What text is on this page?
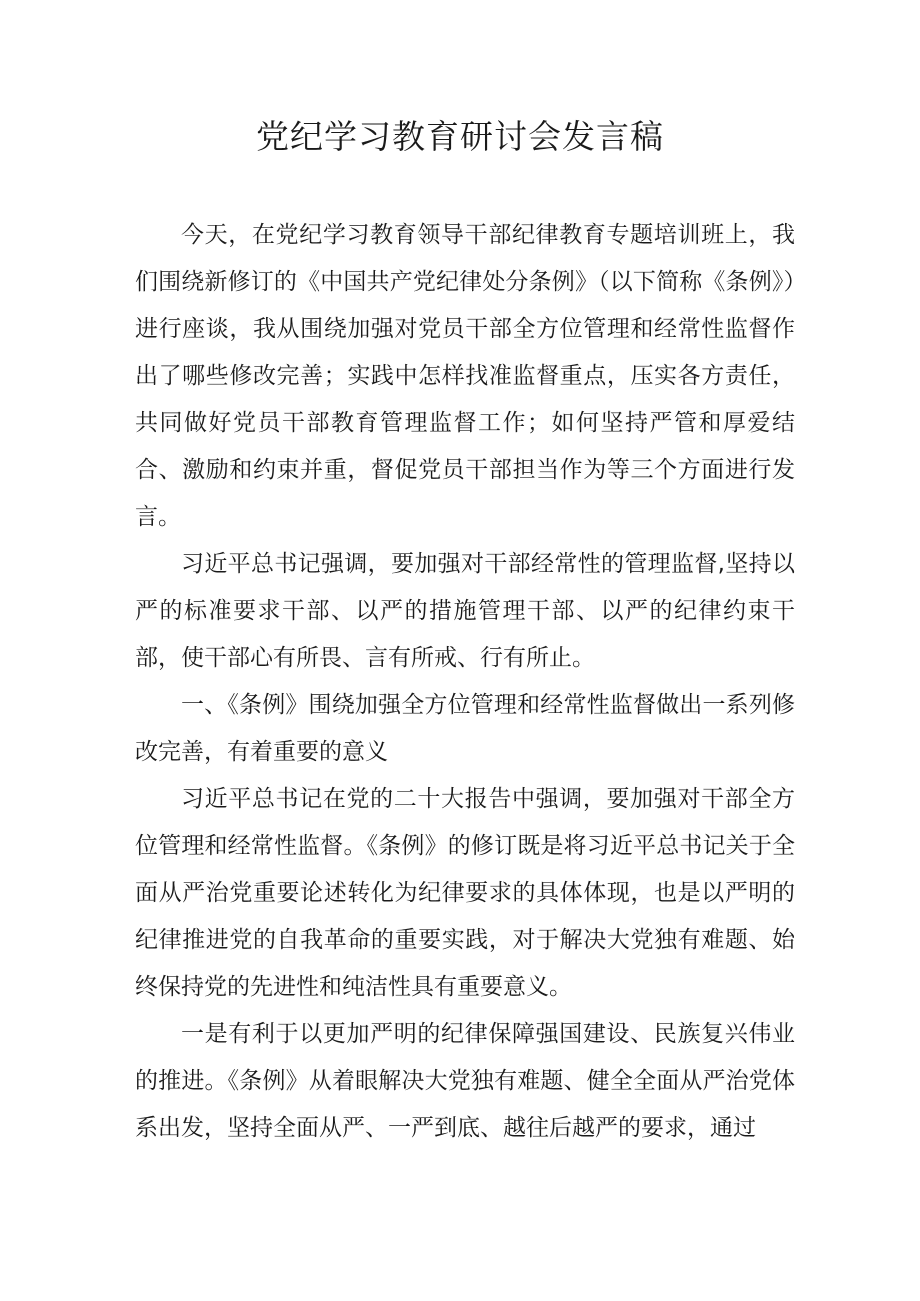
党纪学习教育研讨会发言稿

今天，在党纪学习教育领导干部纪律教育专题培训班上，我们围绕新修订的《中国共产党纪律处分条例》（以下简称《条例》）进行座谈，我从围绕加强对党员干部全方位管理和经常性监督作出了哪些修改完善；实践中怎样找准监督重点，压实各方责任，共同做好党员干部教育管理监督工作；如何坚持严管和厚爱结合、激励和约束并重，督促党员干部担当作为等三个方面进行发言。

习近平总书记强调，要加强对干部经常性的管理监督,坚持以严的标准要求干部、以严的措施管理干部、以严的纪律约束干部，使干部心有所畏、言有所戒、行有所止。

一、《条例》围绕加强全方位管理和经常性监督做出一系列修改完善，有着重要的意义

习近平总书记在党的二十大报告中强调，要加强对干部全方位管理和经常性监督。《条例》的修订既是将习近平总书记关于全面从严治党重要论述转化为纪律要求的具体体现，也是以严明的纪律推进党的自我革命的重要实践，对于解决大党独有难题、始终保持党的先进性和纯洁性具有重要意义。

一是有利于以更加严明的纪律保障强国建设、民族复兴伟业的推进。《条例》从着眼解决大党独有难题、健全全面从严治党体系出发，坚持全面从严、一严到底、越往后越严的要求，通过
